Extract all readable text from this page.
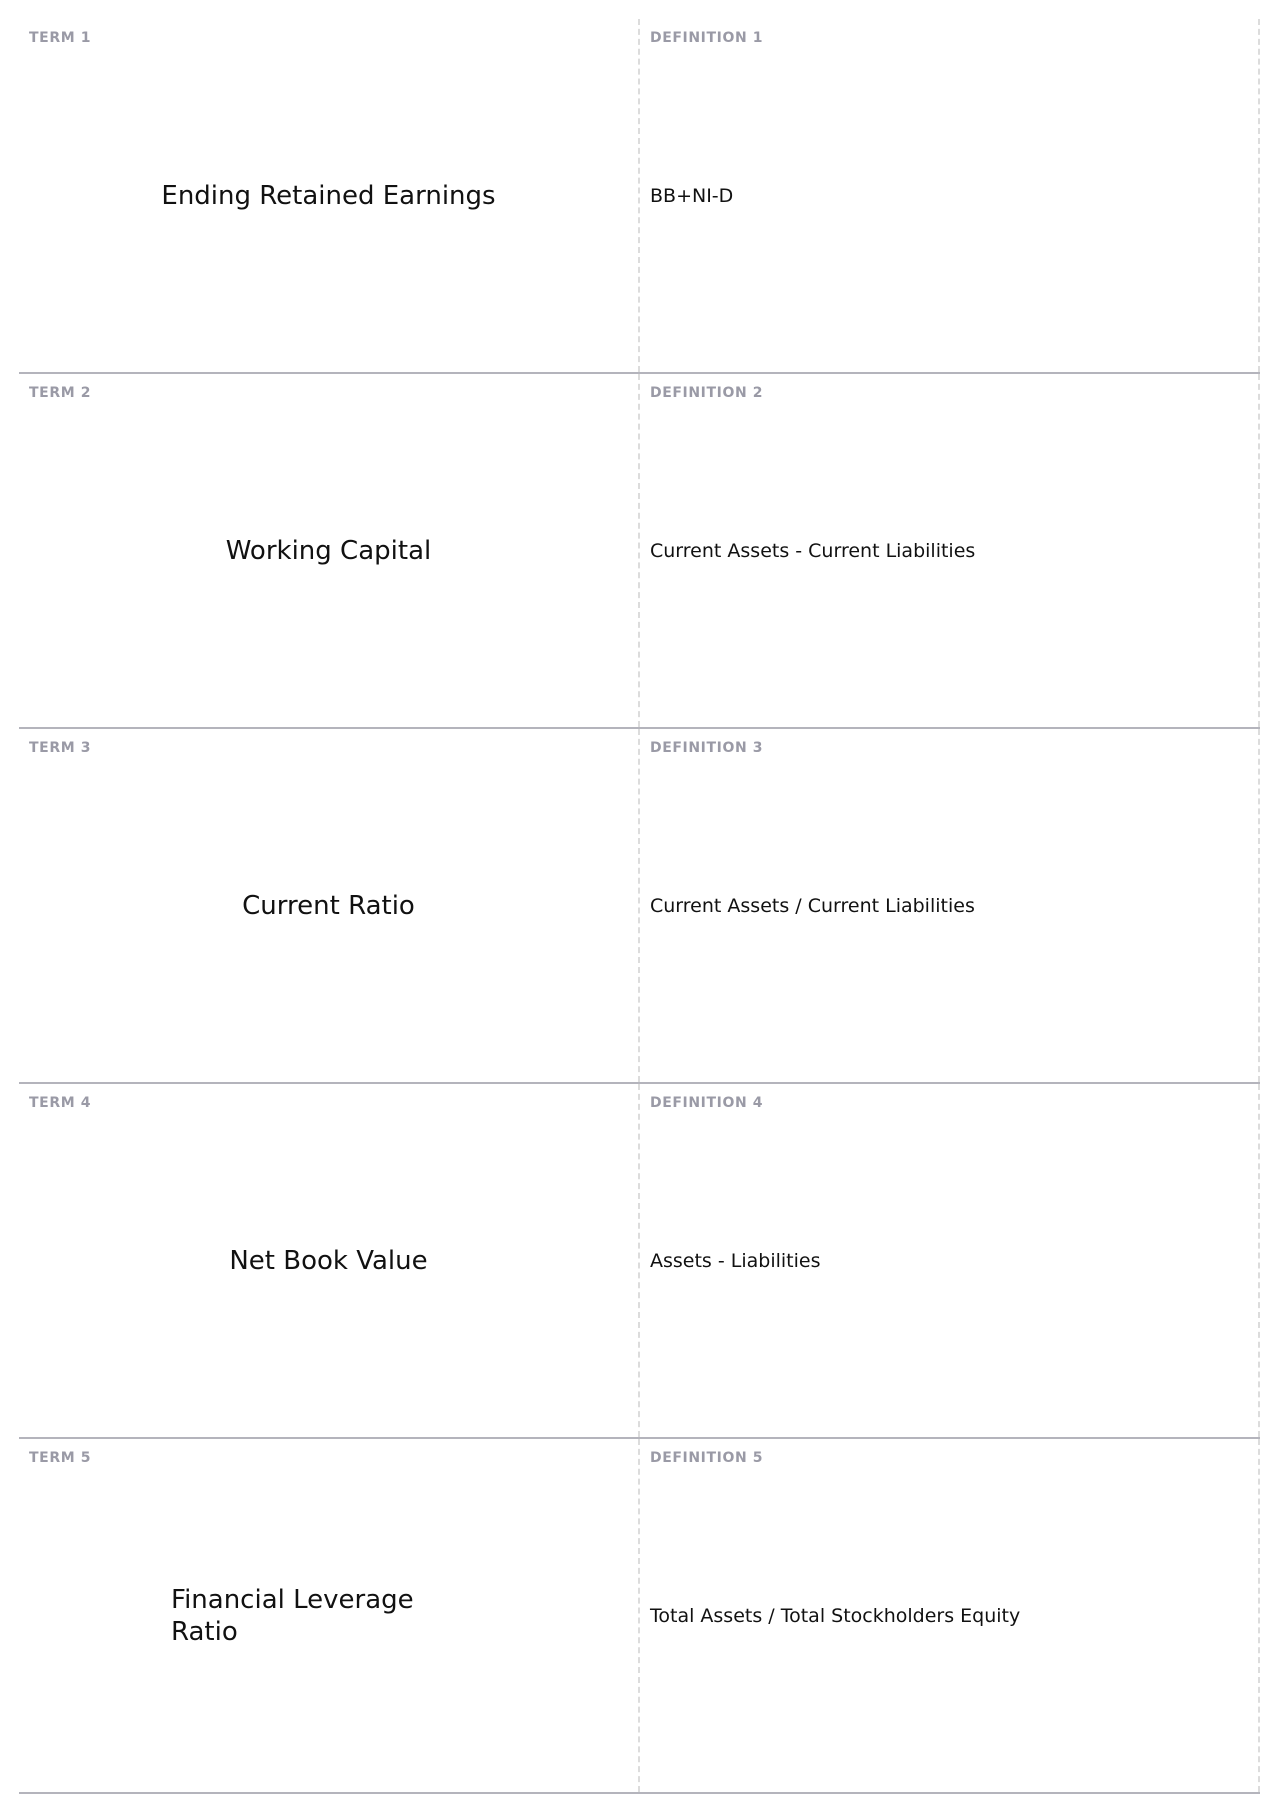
TERM 1
Ending Retained Earnings
DEFINITION 1
BB+NI-D
TERM 2
Working Capital
DEFINITION 2
Current Assets - Current Liabilities
TERM 3
Current Ratio
DEFINITION 3
Current Assets / Current Liabilities
TERM 4
Net Book Value
DEFINITION 4
Assets - Liabilities
TERM 5
Financial Leverage Ratio
DEFINITION 5
Total Assets / Total Stockholders Equity
